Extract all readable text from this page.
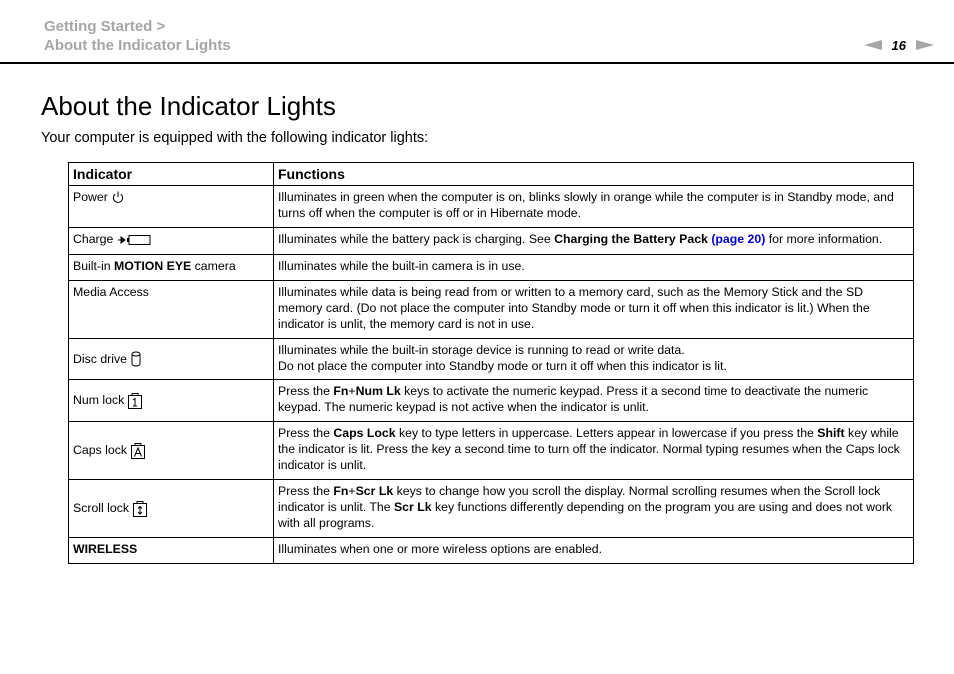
Getting Started >
About the Indicator Lights	16
About the Indicator Lights

Your computer is equipped with the following indicator lights:

Indicator	Functions
Power	Illuminates in green when the computer is on, blinks slowly in orange while the computer is in Standby mode, and turns off when the computer is off or in Hibernate mode.
Charge	Illuminates while the battery pack is charging. See Charging the Battery Pack (page 20) for more information.
Built-in MOTION EYE camera	Illuminates while the built-in camera is in use.
Media Access	Illuminates while data is being read from or written to a memory card, such as the Memory Stick and the SD memory card. (Do not place the computer into Standby mode or turn it off when this indicator is lit.) When the indicator is unlit, the memory card is not in use.
Disc drive	Illuminates while the built-in storage device is running to read or write data.
Do not place the computer into Standby mode or turn it off when this indicator is lit.

Num lock	Press the Fn+Num Lk keys to activate the numeric keypad. Press it a second time to deactivate the numeric keypad. The numeric keypad is not active when the indicator is unlit.
Caps lock	Press the Caps Lock key to type letters in uppercase. Letters appear in lowercase if you press the Shift key while the indicator is lit. Press the key a second time to turn off the indicator. Normal typing resumes when the Caps lock indicator is unlit.
Scroll lock	Press the Fn+Scr Lk keys to change how you scroll the display. Normal scrolling resumes when the Scroll lock indicator is unlit. The Scr Lk key functions differently depending on the program you are using and does not work with all programs.
WIRELESS	Illuminates when one or more wireless options are enabled.
